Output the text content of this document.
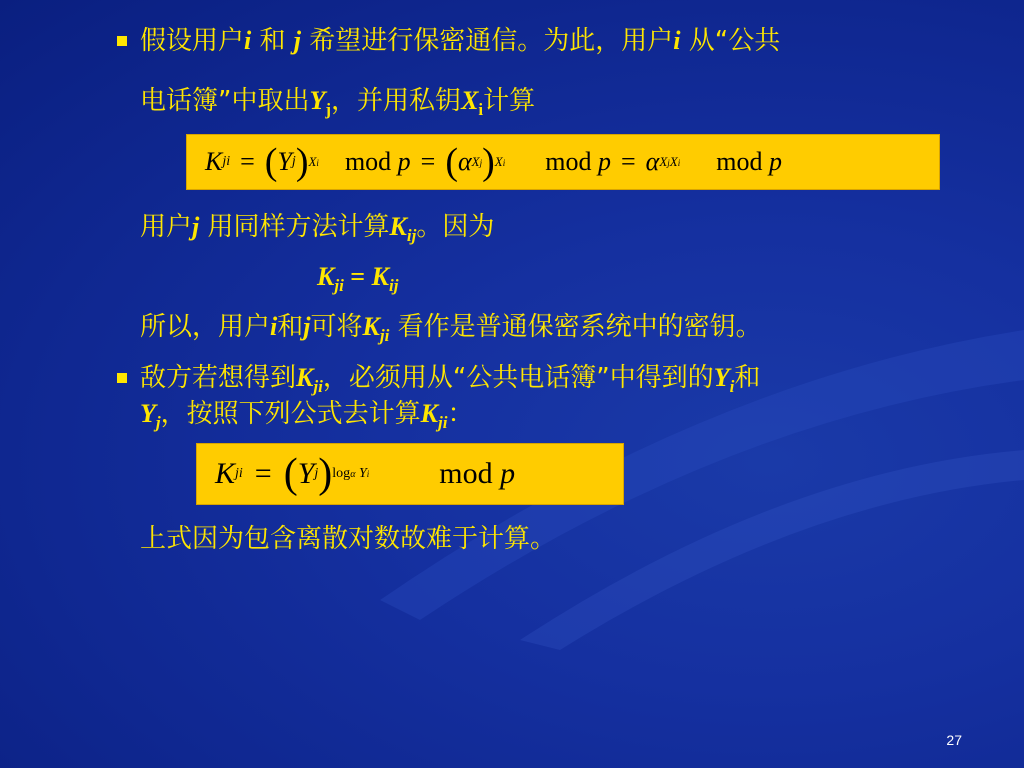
假设用户i 和 j 希望进行保密通信。为此，用户i 从“公共
电话簿”中取出$Y_j$，并用私钥$X_i$计算
K ji = ( Y j ) Xi mod
p = ( α Xj ) Xi mod
p = α XjXi mod
p
用户j 用同样方法计算$K_{ij}$。因为
$K_{ji} = K_{ij}$
所以，用户i和j可将$K_{ji}$ 看作是普通保密系统中的密钥。
敌方若想得到$K_{ji}$，必须用从“公共电话簿”中得到的$Y_i$和
$Y_j$，按照下列公式去计算$K_{ji}$：
K ji = ( Y j ) logα Yi mod
p
上式因为包含离散对数故难于计算。
27
